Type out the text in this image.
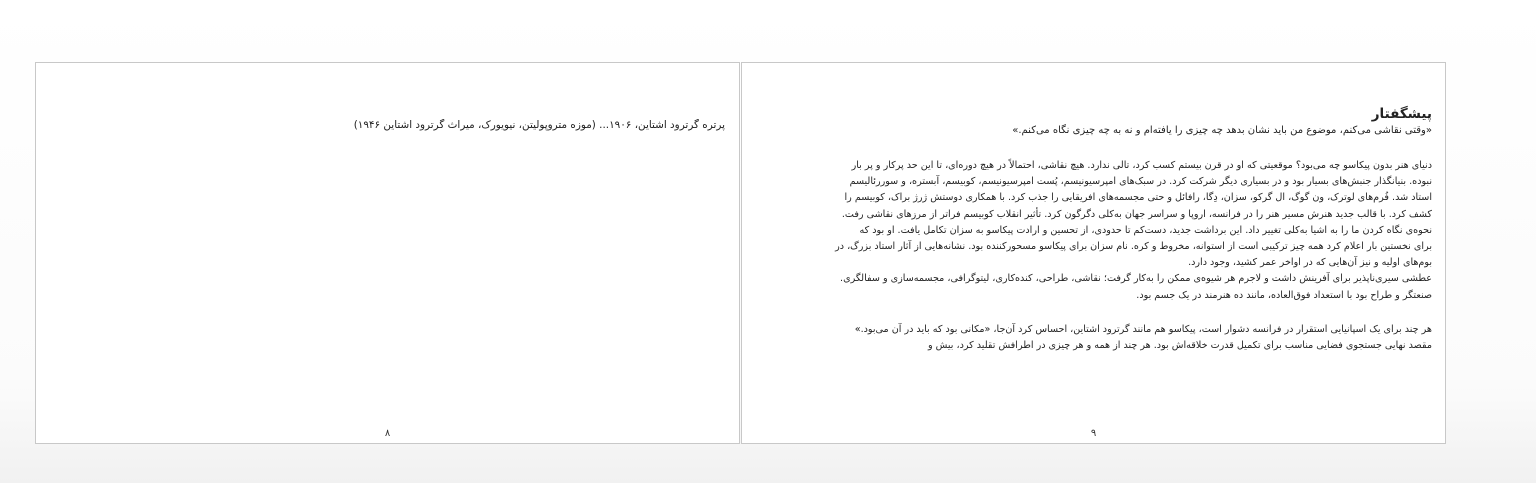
پرتره گرترود اشتاین، ۱۹۰۶... (موزه متروپولیتن، نیویورک، میراث گرترود اشتاین ۱۹۴۶)
۸
پیشگفتار

«وقتی نقاشی می‌کنم، موضوع من باید نشان بدهد چه چیزی را یافته‌ام و نه به چه چیزی نگاه می‌کنم.»

دنیای هنر بدون پیکاسو چه می‌بود؟ موقعیتی که او در قرن بیستم کسب کرد، تالی ندارد. هیچ نقاشی، احتمالاً در هیچ دوره‌ای، تا این حد پرکار و پر بار

نبوده. بنیانگذار جنبش‌های بسیار بود و در بسیاری دیگر شرکت کرد. در سبک‌های امپرسیونیسم، پُست امپرسیونیسم، کوبیسم، آبستره، و سوررئالیسم

استاد شد. فُرم‌های لوترک، ون گوگ، ال گرکو، سزان، دِگا، رافائل و حتی مجسمه‌های افریقایی را جذب کرد. با همکاری دوستش ژرژ براک، کوبیسم را

کشف کرد. با قالب جدید هنرش مسیر هنر را در فرانسه، اروپا و سراسر جهان به‌کلی دگرگون کرد. تأثیر انقلاب کوبیسم فراتر از مرزهای نقاشی رفت.

نحوه‌ی نگاه کردن ما را به اشیا به‌کلی تغییر داد. این برداشت جدید، دست‌کم تا حدودی، از تحسین و ارادت پیکاسو به سزان تکامل یافت. او بود که

برای نخستین بار اعلام کرد همه چیز ترکیبی است از استوانه، مخروط و کره. نام سزان برای پیکاسو مسحورکننده بود. نشانه‌هایی از آثار استاد بزرگ، در

بوم‌های اولیه و نیز آن‌هایی که در اواخر عمر کشید، وجود دارد.

عطشی سیری‌ناپذیر برای آفرینش داشت و لاجرم هر شیوه‌ی ممکن را به‌کار گرفت؛ نقاشی، طراحی، کنده‌کاری، لیتوگرافی، مجسمه‌سازی و سفالگری.

صنعتگر و طراح بود با استعداد فوق‌العاده، مانند ده هنرمند در یک جسم بود.

هر چند برای یک اسپانیایی استقرار در فرانسه دشوار است، پیکاسو هم مانند گرترود اشتاین، احساس کرد آن‌جا، «مکانی بود که باید در آن می‌بود.»

مقصد نهایی جستجوی فضایی مناسب برای تکمیل قدرت خلاقه‌اش بود. هر چند از همه و هر چیزی در اطرافش تقلید کرد، بیش و

۹
